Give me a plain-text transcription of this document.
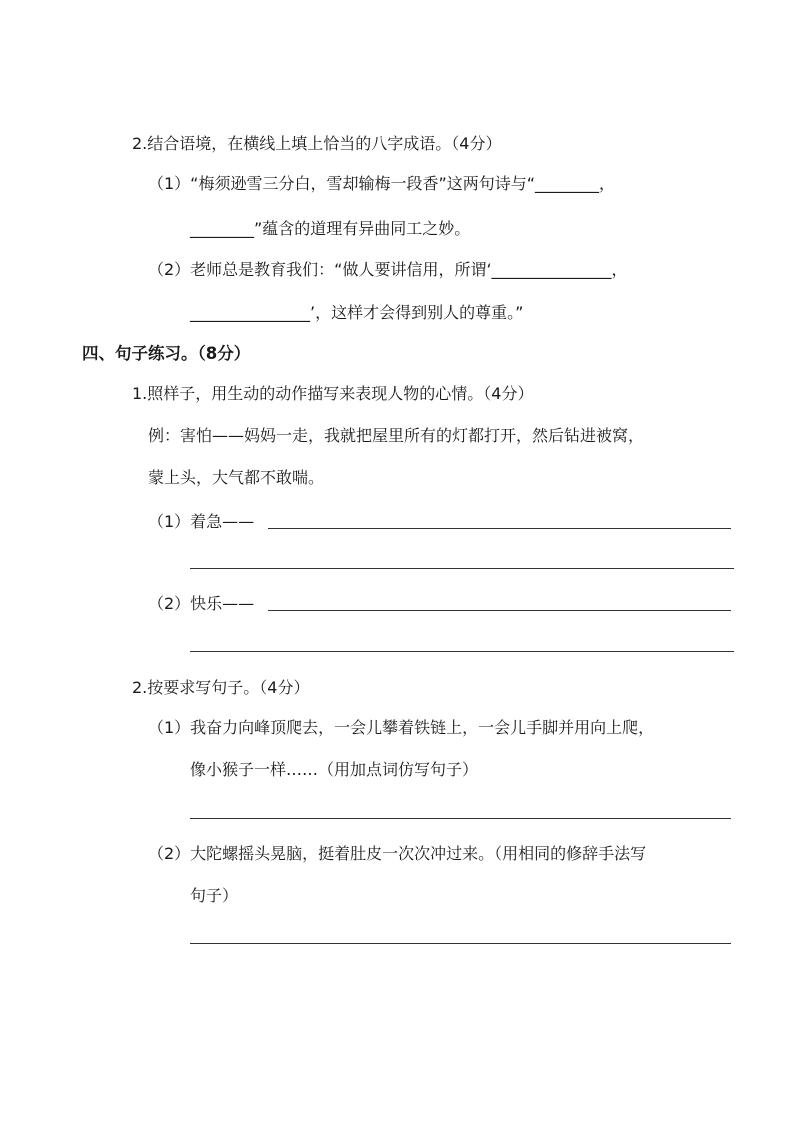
2.结合语境，在横线上填上恰当的八字成语。（4分）
（1）“梅须逊雪三分白，雪却输梅一段香”这两句诗与“________，
________”蕴含的道理有异曲同工之妙。
（2）老师总是教育我们：“做人要讲信用，所谓‘_______________，
_______________’，这样才会得到别人的尊重。”
四、句子练习。（8分）
1.照样子，用生动的动作描写来表现人物的心情。（4分）
例：害怕——妈妈一走，我就把屋里所有的灯都打开，然后钻进被窝，
蒙上头，大气都不敢喘。
（1）着急——
（2）快乐——
2.按要求写句子。（4分）
（1）我奋力向峰顶爬去，一会儿攀着铁链上，一会儿手脚并用向上爬，
像小猴子一样……（用加点词仿写句子）
（2）大陀螺摇头晃脑，挺着肚皮一次次冲过来。（用相同的修辞手法写
句子）
